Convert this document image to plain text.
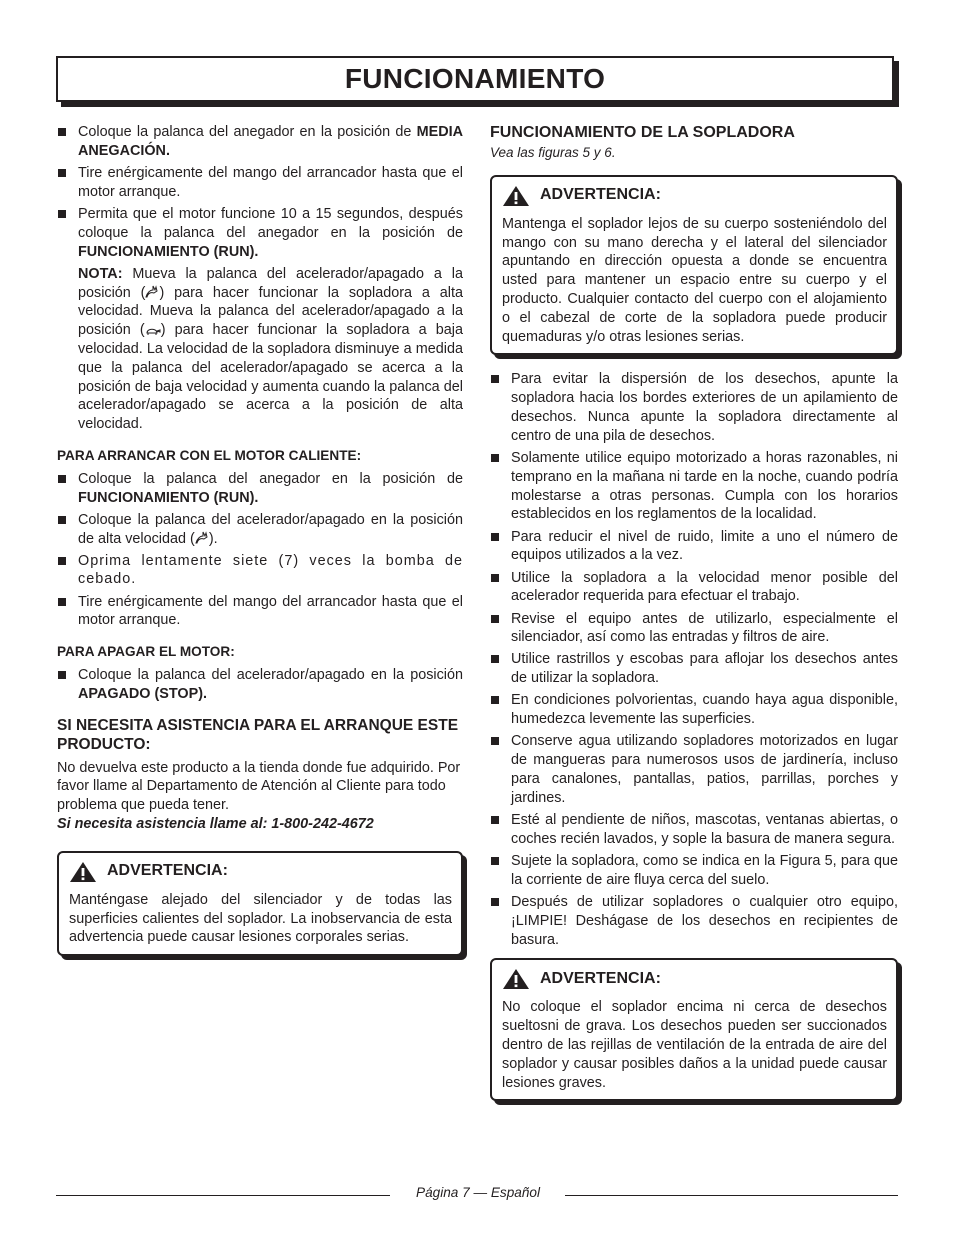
FUNCIONAMIENTO
Coloque la palanca del anegador en la posición de MEDIA ANEGACIÓN.
Tire enérgicamente del mango del arrancador hasta que el motor arranque.
Permita que el motor funcione 10 a 15 segundos, después coloque la palanca del anegador en la posición de FUNCIONAMIENTO (RUN).
NOTA: Mueva la palanca del acelerador/apagado a la posición ( ) para hacer funcionar la sopladora a alta velocidad. Mueva la palanca del acelerador/apagado a la posición ( ) para hacer funcionar la sopladora a baja velocidad. La velocidad de la sopladora disminuye a medida que la palanca del acelerador/apagado se acerca a la posición de baja velocidad y aumenta cuando la palanca del acelerador/apagado se acerca a la posición de alta velocidad.
PARA ARRANCAR CON EL MOTOR CALIENTE:
Coloque la palanca del anegador en la posición de FUNCIONAMIENTO (RUN).
Coloque la palanca del acelerador/apagado en la posición de alta velocidad ( ).
Oprima lentamente siete (7) veces la bomba de cebado.
Tire enérgicamente del mango del arrancador hasta que el motor arranque.
PARA APAGAR EL MOTOR:
Coloque la palanca del acelerador/apagado en la posición APAGADO (STOP).
SI NECESITA ASISTENCIA PARA EL ARRANQUE ESTE PRODUCTO:
No devuelva este producto a la tienda donde fue adquirido. Por favor llame al Departamento de Atención al Cliente para todo problema que pueda tener.
Si necesita asistencia llame al: 1-800-242-4672
ADVERTENCIA:
Manténgase alejado del silenciador y de todas las superficies calientes del soplador. La inobservancia de esta advertencia puede causar lesiones corporales serias.
FUNCIONAMIENTO DE LA SOPLADORA
Vea las figuras 5 y 6.
ADVERTENCIA:
Mantenga el soplador lejos de su cuerpo sosteniéndolo del mango con su mano derecha y el lateral del silenciador apuntando en dirección opuesta a donde se encuentra usted para mantener un espacio entre su cuerpo y el producto. Cualquier contacto del cuerpo con el alojamiento o el cabezal de corte de la sopladora puede producir quemaduras y/o otras lesiones serias.
Para evitar la dispersión de los desechos, apunte la sopladora hacia los bordes exteriores de un apilamiento de desechos. Nunca apunte la sopladora directamente al centro de una pila de desechos.
Solamente utilice equipo motorizado a horas razonables, ni temprano en la mañana ni tarde en la noche, cuando podría molestarse a otras personas. Cumpla con los horarios establecidos en los reglamentos de la localidad.
Para reducir el nivel de ruido, limite a uno el número de equipos utilizados a la vez.
Utilice la sopladora a la velocidad menor posible del acelerador requerida para efectuar el trabajo.
Revise el equipo antes de utilizarlo, especialmente el silenciador, así como las entradas y filtros de aire.
Utilice rastrillos y escobas para aflojar los desechos antes de utilizar la sopladora.
En condiciones polvorientas, cuando haya agua disponible, humedezca levemente las superficies.
Conserve agua utilizando sopladores motorizados en lugar de mangueras para numerosos usos de jardinería, incluso para canalones, pantallas, patios, parrillas, porches y jardines.
Esté al pendiente de niños, mascotas, ventanas abiertas, o coches recién lavados, y sople la basura de manera segura.
Sujete la sopladora, como se indica en la Figura 5, para que la corriente de aire fluya cerca del suelo.
Después de utilizar sopladores o cualquier otro equipo, ¡LIMPIE! Deshágase de los desechos en recipientes de basura.
ADVERTENCIA:
No coloque el soplador encima ni cerca de desechos sueltosni de grava. Los desechos pueden ser succionados dentro de las rejillas de ventilación de la entrada de aire del soplador y causar posibles daños a la unidad puede causar lesiones graves.
Página 7 — Español
